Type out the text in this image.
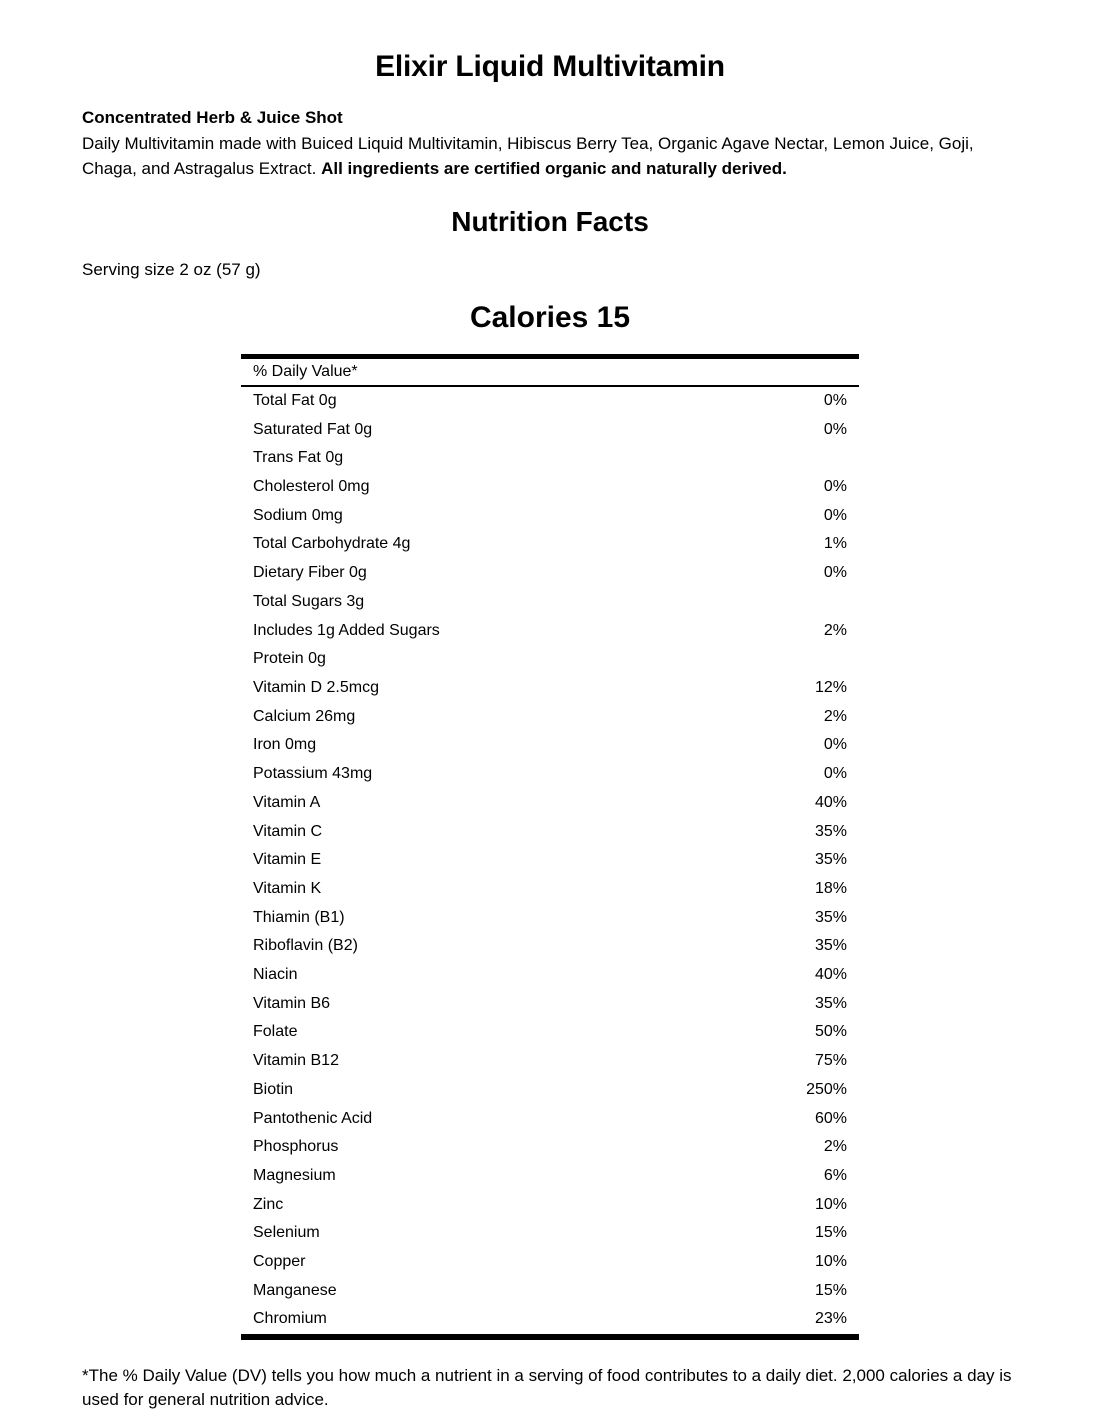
Elixir Liquid Multivitamin

Concentrated Herb & Juice Shot

Daily Multivitamin made with Buiced Liquid Multivitamin, Hibiscus Berry Tea, Organic Agave Nectar, Lemon Juice, Goji, Chaga, and Astragalus Extract. All ingredients are certified organic and naturally derived.

Nutrition Facts

Serving size 2 oz (57 g)

Calories 15
% Daily Value*	
Total Fat 0g	0%
Saturated Fat 0g	0%
Trans Fat 0g	
Cholesterol 0mg	0%
Sodium 0mg	0%
Total Carbohydrate 4g	1%
Dietary Fiber 0g	0%
Total Sugars 3g	
Includes 1g Added Sugars	2%
Protein 0g	
Vitamin D 2.5mcg	12%
Calcium 26mg	2%
Iron 0mg	0%
Potassium 43mg	0%
Vitamin A	40%
Vitamin C	35%
Vitamin E	35%
Vitamin K	18%
Thiamin (B1)	35%
Riboflavin (B2)	35%
Niacin	40%
Vitamin B6	35%
Folate	50%
Vitamin B12	75%
Biotin	250%
Pantothenic Acid	60%
Phosphorus	2%
Magnesium	6%
Zinc	10%
Selenium	15%
Copper	10%
Manganese	15%
Chromium	23%

*The % Daily Value (DV) tells you how much a nutrient in a serving of food contributes to a daily diet. 2,000 calories a day is used for general nutrition advice.
